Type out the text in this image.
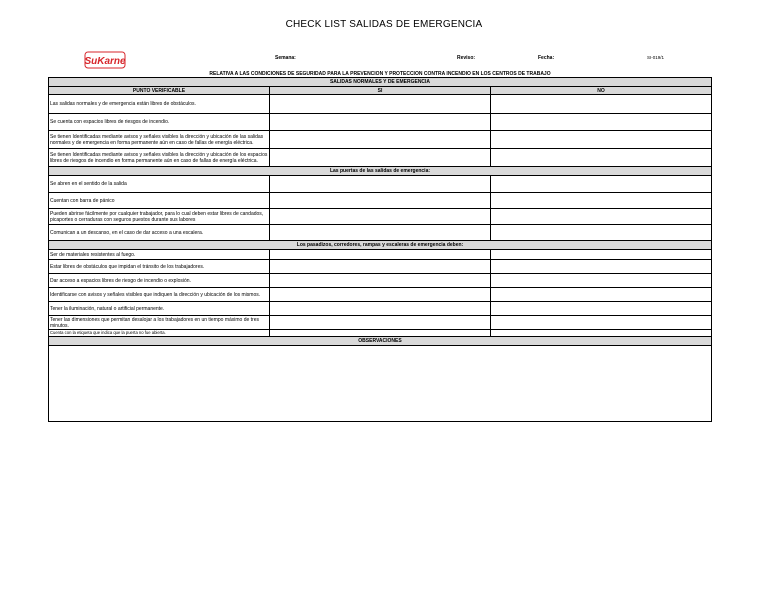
CHECK LIST SALIDAS DE EMERGENCIA
SuKarne	Semana:	Reviso:	Fecha:	SI-019/1
RELATIVA A LAS CONDICIONES DE SEGURIDAD PARA LA PREVENCION Y PROTECCION CONTRA INCENDIO EN LOS CENTROS DE TRABAJO
SALIDAS NORMALES Y DE EMERGENCIA		
PUNTO VERIFICABLE	SI	NO
Las salidas normales y de emergencia están libres de obstáculos.		
Se cuenta con espacios libres de riesgos de incendio.		
Se tienen Identificadas mediante avisos y señales visibles la dirección y ubicación de las salidas normales y de emergencia en forma permanente aún en caso de fallas de energía eléctrica.		
Se tienen Identificadas mediante avisos y señales visibles la dirección y ubicación de los espacios libres de riesgos de incendio en forma permanente aún en caso de fallas de energía eléctrica.		
Las puertas de las salidas de emergencia:		
Se abren en el sentido de la salida		
Cuentan con barra de pánico		
Pueden abrirse fácilmente por cualquier trabajador, para lo cual deben estar libres de candados, picaportes o cerraduras con seguros puestos durante sus labores		
Comunican a un descanso, en el caso de dar acceso a una escalera.		
Los pasadizos, corredores, rampas y escaleras de emergencia deben:		
Ser de materiales resistentes al fuego.		
Estar libres de obstáculos que impidan el tránsito de los trabajadores.		
Dar acceso a espacios libres de riesgo de incendio o explosión.		
Identificarse con avisos y señales visibles que indiquen la dirección y ubicación de los mismos.		
Tener la iluminación, natural o artificial permanente.		
Tener las dimensiones que permitan desalojar a los trabajadores en un tiempo máximo de tres minutos.		
Cuenta con la etiqueta que indica que la puerta no fue abierta.		
OBSERVACIONES		
